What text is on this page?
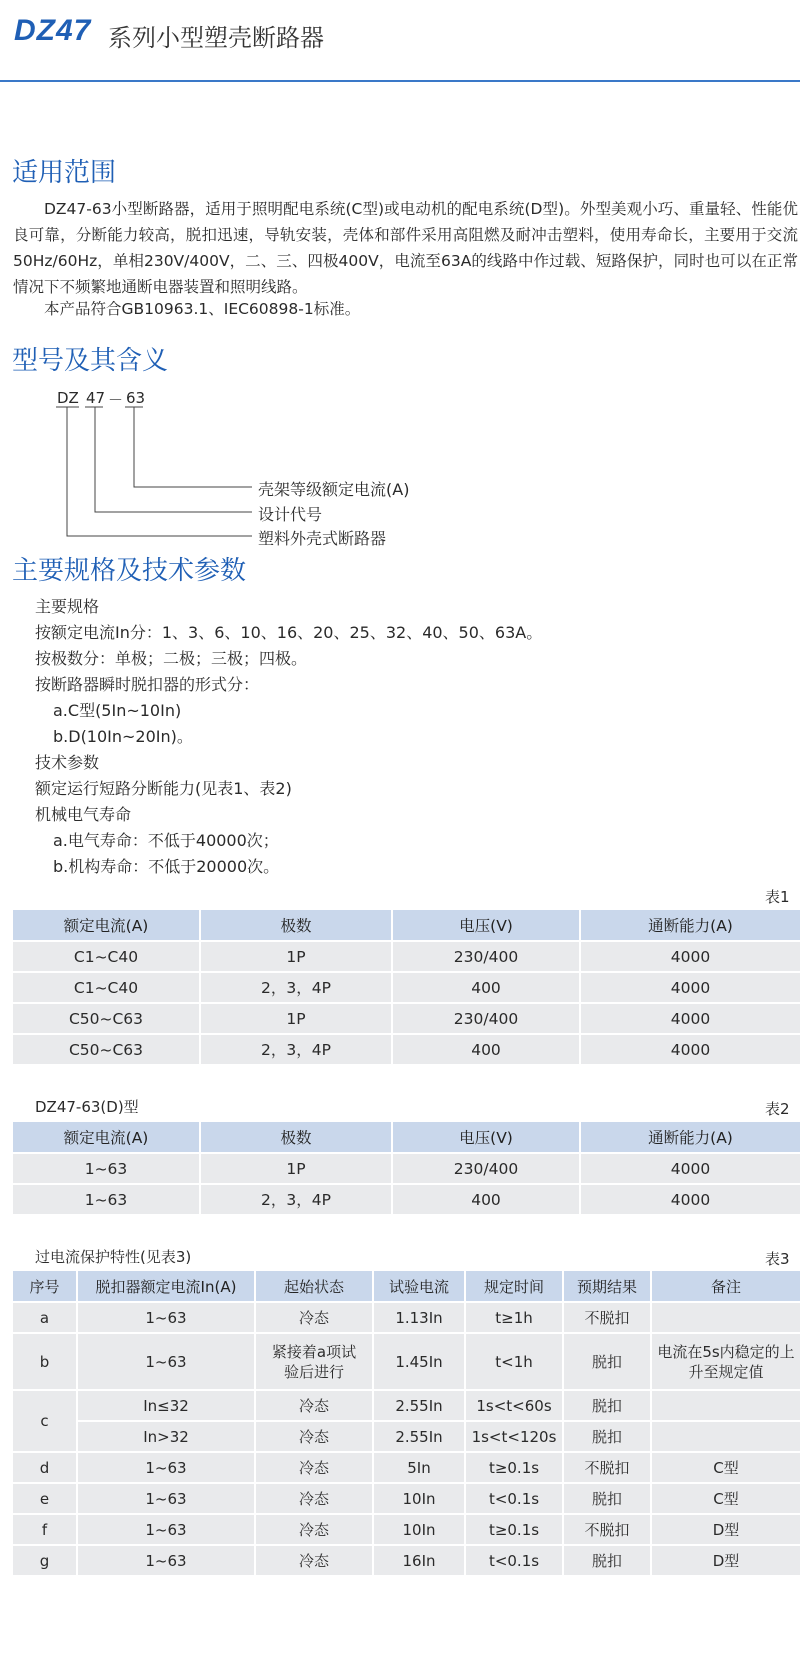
DZ47 系列小型塑壳断路器
适用范围
DZ47-63小型断路器，适用于照明配电系统(C型)或电动机的配电系统(D型)。外型美观小巧、重量轻、性能优良可靠，分断能力较高，脱扣迅速，导轨安装，壳体和部件采用高阻燃及耐冲击塑料，使用寿命长，主要用于交流50Hz/60Hz，单相230V/400V，二、三、四极400V，电流至63A的线路中作过载、短路保护，同时也可以在正常情况下不频繁地通断电器装置和照明线路。
本产品符合GB10963.1、IEC60898-1标准。
型号及其含义
DZ 47 － 63
壳架等级额定电流(A)
设计代号
塑料外壳式断路器
主要规格及技术参数
主要规格
按额定电流In分：1、3、6、10、16、20、25、32、40、50、63A。
按极数分：单极；二极；三极；四极。
按断路器瞬时脱扣器的形式分：
a.C型(5In~10In)
b.D(10In~20In)。
技术参数
额定运行短路分断能力(见表1、表2)
机械电气寿命
a.电气寿命：不低于40000次；
b.机构寿命：不低于20000次。
表1
额定电流(A)	极数	电压(V)	通断能力(A)
C1~C40	1P	230/400	4000
C1~C40	2，3，4P	400	4000
C50~C63	1P	230/400	4000
C50~C63	2，3，4P	400	4000
DZ47-63(D)型	表2
额定电流(A)	极数	电压(V)	通断能力(A)
1~63	1P	230/400	4000
1~63	2，3，4P	400	4000
过电流保护特性(见表3)	表3
序号	脱扣器额定电流In(A)	起始状态	试验电流	规定时间	预期结果	备注
a	1~63	冷态	1.13In	t≥1h	不脱扣	
b	1~63	紧接着a项试验后进行	1.45In	t<1h	脱扣	电流在5s内稳定的上升至规定值
c	In≤32	冷态	2.55In	1s<t<60s	脱扣	
	In>32	冷态	2.55In	1s<t<120s	脱扣	
d	1~63	冷态	5In	t≥0.1s	不脱扣	C型
e	1~63	冷态	10In	t<0.1s	脱扣	C型
f	1~63	冷态	10In	t≥0.1s	不脱扣	D型
g	1~63	冷态	16In	t<0.1s	脱扣	D型
